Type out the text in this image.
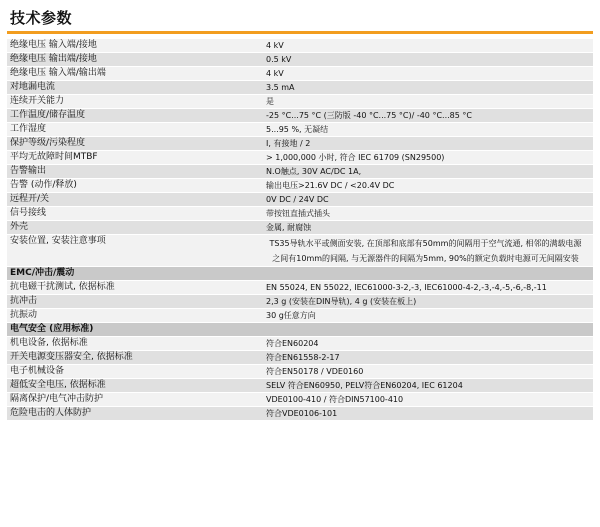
技术参数
绝缘电压 输入端/接地	4 kV
绝缘电压 输出端/接地	0.5 kV
绝缘电压 输入端/输出端	4 kV
对地漏电流	3.5 mA
连续开关能力	是
工作温度/储存温度	-25 °C...75 °C (三防版 -40 °C...75 °C)/ -40 °C...85 °C
工作湿度	5...95 %, 无凝结
保护等级/污染程度	I, 有接地 / 2
平均无故障时间MTBF	> 1,000,000 小时, 符合 IEC 61709 (SN29500)
告警输出	N.O触点, 30V AC/DC 1A,
告警 (动作/释放)	输出电压>21.6V DC / <20.4V DC
远程开/关	0V DC / 24V DC
信号接线	带按钮直插式插头
外壳	金属, 耐腐蚀
安装位置, 安装注意事项	TS35导轨水平或侧面安装, 在顶部和底部有50mm的间隔用于空气流通, 相邻的满载电源之间有10mm的间隔, 与无源器件的间隔为5mm, 90%的额定负载时电源可无间隔安装
EMC/冲击/震动
抗电磁干扰测试, 依据标准	EN 55024, EN 55022, IEC61000-3-2,-3, IEC61000-4-2,-3,-4,-5,-6,-8,-11
抗冲击	2,3 g (安装在DIN导轨), 4 g (安装在板上)
抗振动	30 g任意方向
电气安全 (应用标准)
机电设备, 依据标准	符合EN60204
开关电源变压器安全, 依据标准	符合EN61558-2-17
电子机械设备	符合EN50178 / VDE0160
超低安全电压, 依据标准	SELV 符合EN60950, PELV符合EN60204, IEC 61204
隔离保护/电气冲击防护	VDE0100-410 / 符合DIN57100-410
危险电击的人体防护	符合VDE0106-101
